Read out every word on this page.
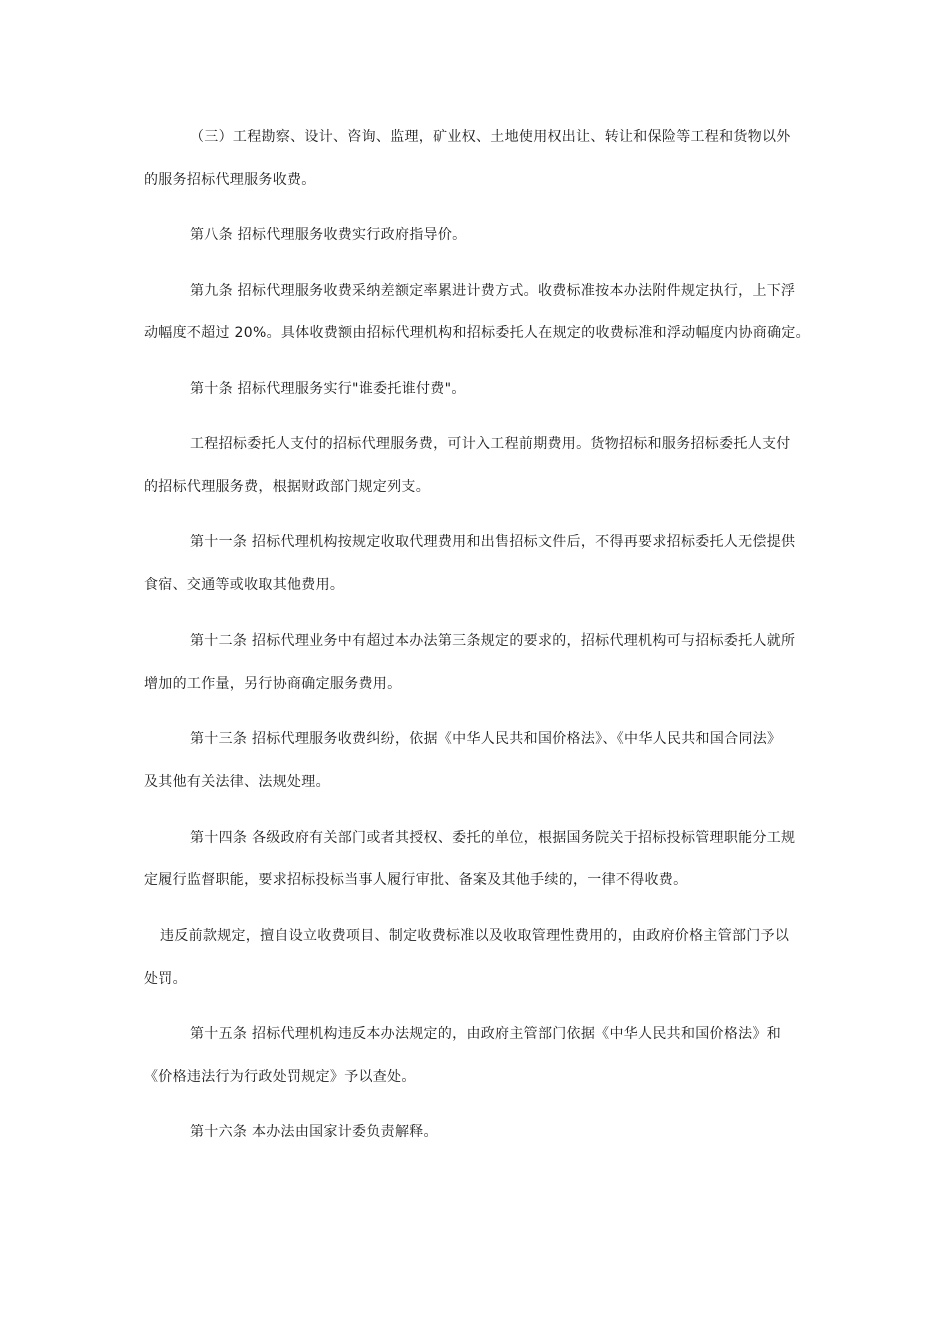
（三）工程勘察、设计、咨询、监理，矿业权、土地使用权出让、转让和保险等工程和货物以外
的服务招标代理服务收费。
第八条 招标代理服务收费实行政府指导价。
第九条 招标代理服务收费采纳差额定率累进计费方式。收费标准按本办法附件规定执行，上下浮
动幅度不超过 20%。具体收费额由招标代理机构和招标委托人在规定的收费标准和浮动幅度内协商确定。
第十条 招标代理服务实行"谁委托谁付费"。
工程招标委托人支付的招标代理服务费，可计入工程前期费用。货物招标和服务招标委托人支付
的招标代理服务费，根据财政部门规定列支。
第十一条 招标代理机构按规定收取代理费用和出售招标文件后，不得再要求招标委托人无偿提供
食宿、交通等或收取其他费用。
第十二条 招标代理业务中有超过本办法第三条规定的要求的，招标代理机构可与招标委托人就所
增加的工作量，另行协商确定服务费用。
第十三条 招标代理服务收费纠纷，依据《中华人民共和国价格法》、《中华人民共和国合同法》
及其他有关法律、法规处理。
第十四条 各级政府有关部门或者其授权、委托的单位，根据国务院关于招标投标管理职能分工规
定履行监督职能，要求招标投标当事人履行审批、备案及其他手续的，一律不得收费。
违反前款规定，擅自设立收费项目、制定收费标准以及收取管理性费用的，由政府价格主管部门予以
处罚。
第十五条 招标代理机构违反本办法规定的，由政府主管部门依据《中华人民共和国价格法》和
《价格违法行为行政处罚规定》予以查处。
第十六条 本办法由国家计委负责解释。
